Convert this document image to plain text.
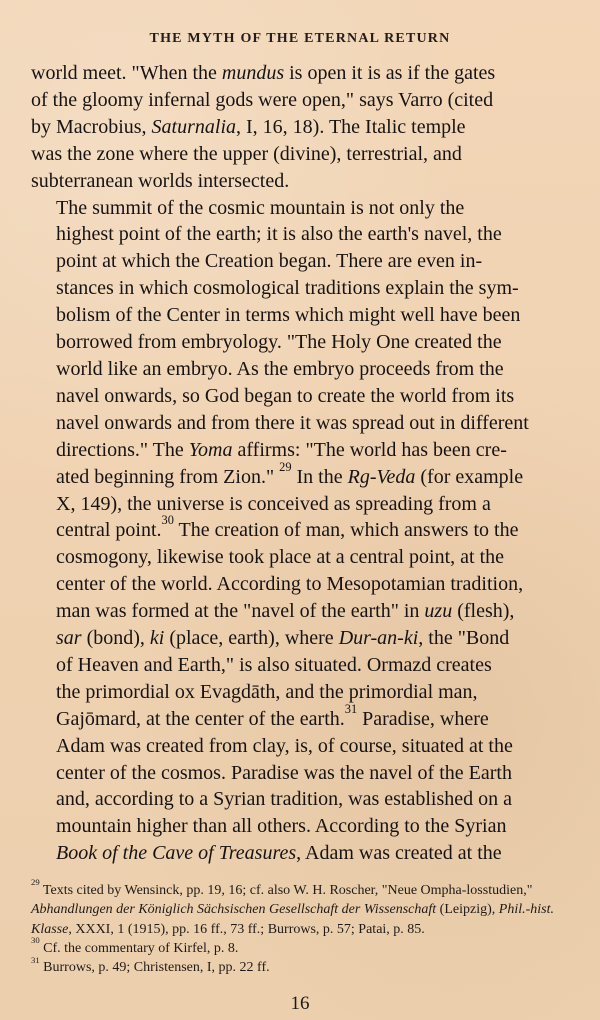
THE MYTH OF THE ETERNAL RETURN

world meet. "When the mundus is open it is as if the gates
of the gloomy infernal gods were open," says Varro (cited
by Macrobius, Saturnalia, I, 16, 18). The Italic temple
was the zone where the upper (divine), terrestrial, and
subterranean worlds intersected.

The summit of the cosmic mountain is not only the
highest point of the earth; it is also the earth's navel, the
point at which the Creation began. There are even in-
stances in which cosmological traditions explain the sym-
bolism of the Center in terms which might well have been
borrowed from embryology. "The Holy One created the
world like an embryo. As the embryo proceeds from the
navel onwards, so God began to create the world from its
navel onwards and from there it was spread out in different
directions." The Yoma affirms: "The world has been cre-
ated beginning from Zion." $^{29}$ In the Rg-Veda (for example
X, 149), the universe is conceived as spreading from a
central point.$^{30}$ The creation of man, which answers to the
cosmogony, likewise took place at a central point, at the
center of the world. According to Mesopotamian tradition,
man was formed at the "navel of the earth" in uzu (flesh),
sar (bond), ki (place, earth), where Dur-an-ki, the "Bond
of Heaven and Earth," is also situated. Ormazd creates
the primordial ox Evagdāth, and the primordial man,
Gajōmard, at the center of the earth.$^{31}$ Paradise, where
Adam was created from clay, is, of course, situated at the
center of the cosmos. Paradise was the navel of the Earth
and, according to a Syrian tradition, was established on a
mountain higher than all others. According to the Syrian
Book of the Cave of Treasures, Adam was created at the

$^{29}$ Texts cited by Wensinck, pp. 19, 16; cf. also W. H. Roscher, "Neue Ompha-losstudien," Abhandlungen der Königlich Sächsischen Gesellschaft der Wissenschaft (Leipzig), Phil.-hist. Klasse, XXXI, 1 (1915), pp. 16 ff., 73 ff.; Burrows, p. 57; Patai, p. 85.

$^{30}$ Cf. the commentary of Kirfel, p. 8.

$^{31}$ Burrows, p. 49; Christensen, I, pp. 22 ff.

16
